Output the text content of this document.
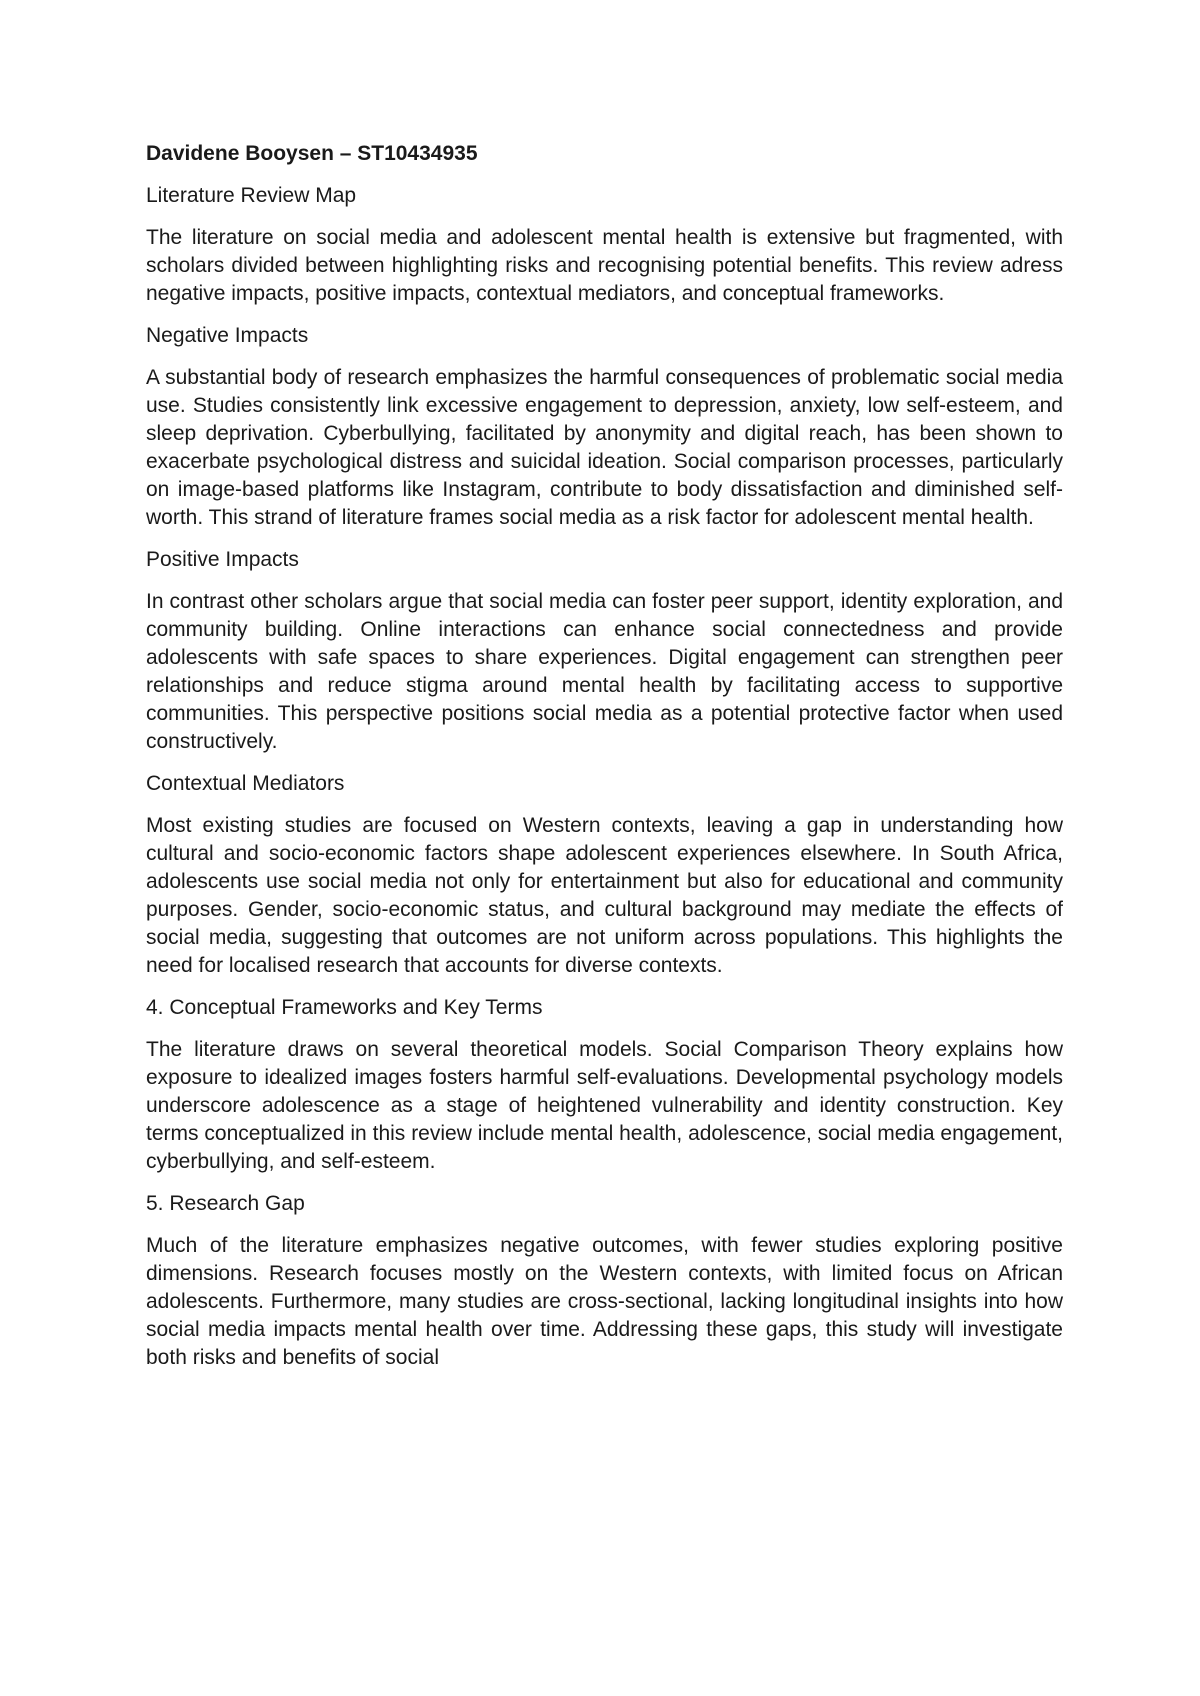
Davidene Booysen – ST10434935

Literature Review Map

The literature on social media and adolescent mental health is extensive but fragmented, with scholars divided between highlighting risks and recognising potential benefits. This review adress negative impacts, positive impacts, contextual mediators, and conceptual frameworks.

Negative Impacts

A substantial body of research emphasizes the harmful consequences of problematic social media use. Studies consistently link excessive engagement to depression, anxiety, low self-esteem, and sleep deprivation. Cyberbullying, facilitated by anonymity and digital reach, has been shown to exacerbate psychological distress and suicidal ideation. Social comparison processes, particularly on image-based platforms like Instagram, contribute to body dissatisfaction and diminished self-worth. This strand of literature frames social media as a risk factor for adolescent mental health.

Positive Impacts

In contrast other scholars argue that social media can foster peer support, identity exploration, and community building. Online interactions can enhance social connectedness and provide adolescents with safe spaces to share experiences. Digital engagement can strengthen peer relationships and reduce stigma around mental health by facilitating access to supportive communities. This perspective positions social media as a potential protective factor when used constructively.

Contextual Mediators

Most existing studies are focused on Western contexts, leaving a gap in understanding how cultural and socio-economic factors shape adolescent experiences elsewhere. In South Africa, adolescents use social media not only for entertainment but also for educational and community purposes. Gender, socio-economic status, and cultural background may mediate the effects of social media, suggesting that outcomes are not uniform across populations. This highlights the need for localised research that accounts for diverse contexts.

4. Conceptual Frameworks and Key Terms

The literature draws on several theoretical models. Social Comparison Theory explains how exposure to idealized images fosters harmful self-evaluations. Developmental psychology models underscore adolescence as a stage of heightened vulnerability and identity construction. Key terms conceptualized in this review include mental health, adolescence, social media engagement, cyberbullying, and self-esteem.

5. Research Gap

Much of the literature emphasizes negative outcomes, with fewer studies exploring positive dimensions. Research focuses mostly on the Western contexts, with limited focus on African adolescents. Furthermore, many studies are cross-sectional, lacking longitudinal insights into how social media impacts mental health over time. Addressing these gaps, this study will investigate both risks and benefits of social
